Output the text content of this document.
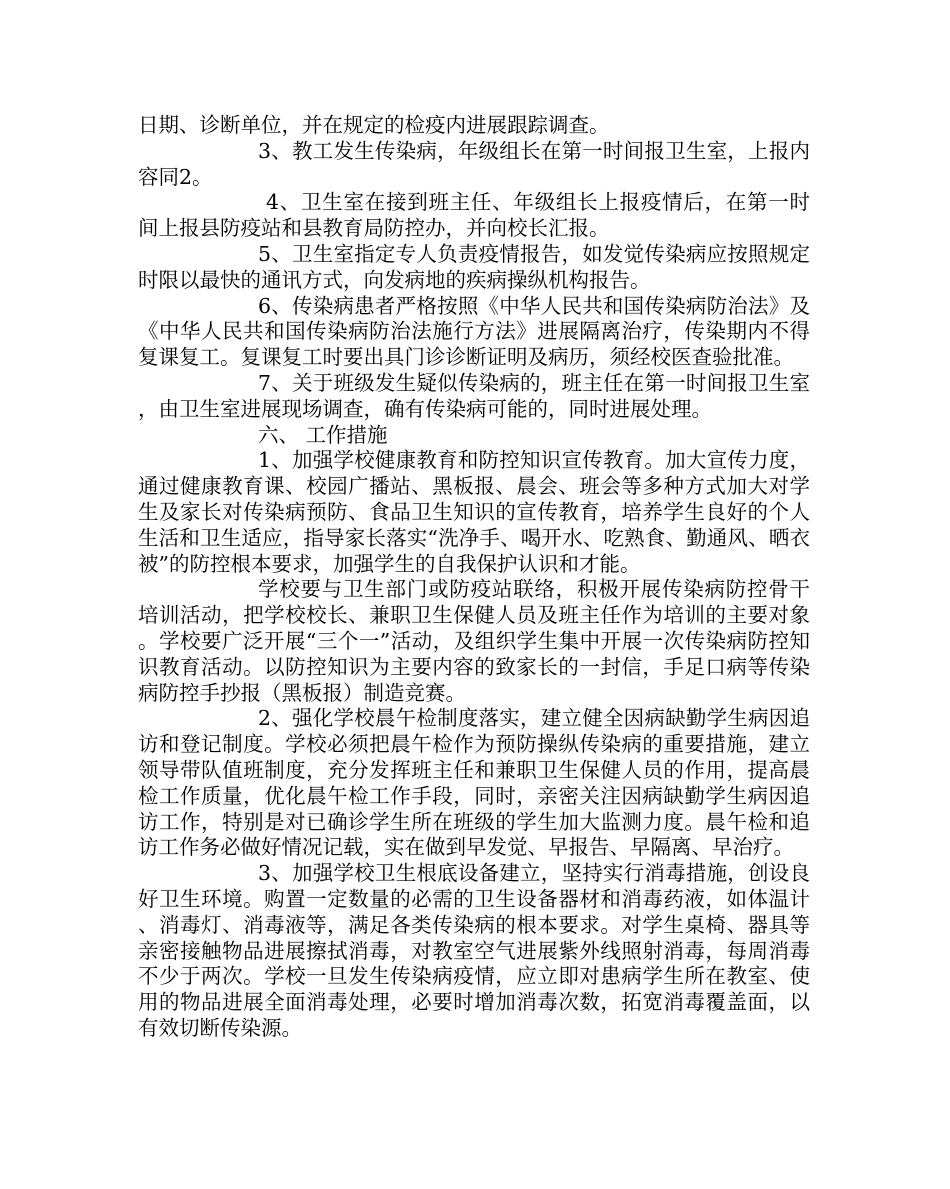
日期、诊断单位，并在规定的检疫内进展跟踪调查。

3、教工发生传染病，年级组长在第一时间报卫生室，上报内容同2。

4、卫生室在接到班主任、年级组长上报疫情后，在第一时间上报县防疫站和县教育局防控办，并向校长汇报。

5、卫生室指定专人负责疫情报告，如发觉传染病应按照规定时限以最快的通讯方式，向发病地的疾病操纵机构报告。

6、传染病患者严格按照《中华人民共和国传染病防治法》及《中华人民共和国传染病防治法施行方法》进展隔离治疗，传染期内不得复课复工。复课复工时要出具门诊诊断证明及病历，须经校医查验批准。

7、关于班级发生疑似传染病的，班主任在第一时间报卫生室，由卫生室进展现场调查，确有传染病可能的，同时进展处理。

六、 工作措施

1、加强学校健康教育和防控知识宣传教育。加大宣传力度，通过健康教育课、校园广播站、黑板报、晨会、班会等多种方式加大对学生及家长对传染病预防、食品卫生知识的宣传教育，培养学生良好的个人生活和卫生适应，指导家长落实“洗净手、喝开水、吃熟食、勤通风、晒衣被”的防控根本要求，加强学生的自我保护认识和才能。

学校要与卫生部门或防疫站联络，积极开展传染病防控骨干培训活动，把学校校长、兼职卫生保健人员及班主任作为培训的主要对象。学校要广泛开展“三个一”活动，及组织学生集中开展一次传染病防控知识教育活动。以防控知识为主要内容的致家长的一封信，手足口病等传染病防控手抄报（黑板报）制造竞赛。

2、强化学校晨午检制度落实，建立健全因病缺勤学生病因追访和登记制度。学校必须把晨午检作为预防操纵传染病的重要措施，建立领导带队值班制度，充分发挥班主任和兼职卫生保健人员的作用，提高晨检工作质量，优化晨午检工作手段，同时，亲密关注因病缺勤学生病因追访工作，特别是对已确诊学生所在班级的学生加大监测力度。晨午检和追访工作务必做好情况记载，实在做到早发觉、早报告、早隔离、早治疗。

3、加强学校卫生根底设备建立，坚持实行消毒措施，创设良好卫生环境。购置一定数量的必需的卫生设备器材和消毒药液，如体温计、消毒灯、消毒液等，满足各类传染病的根本要求。对学生桌椅、器具等亲密接触物品进展擦拭消毒，对教室空气进展紫外线照射消毒，每周消毒不少于两次。学校一旦发生传染病疫情，应立即对患病学生所在教室、使用的物品进展全面消毒处理，必要时增加消毒次数，拓宽消毒覆盖面，以有效切断传染源。
